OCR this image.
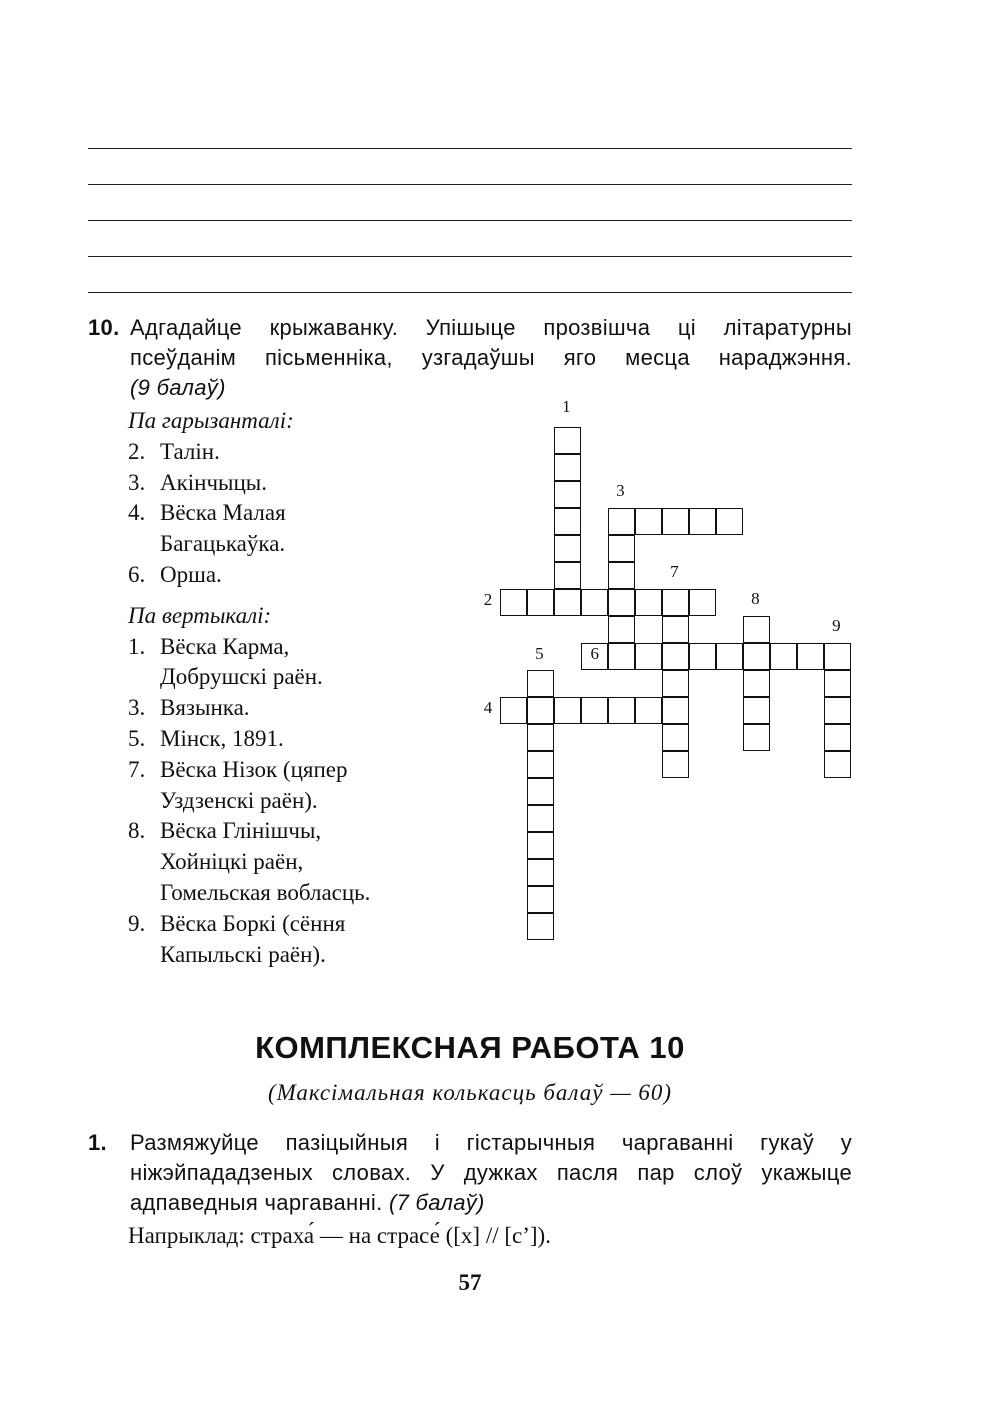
10. Адгадайце крыжаванку. Упішыце прозвішча ці літаратурны
псеўданім пісьменніка, узгадаўшы яго месца нараджэння.
(9 балаў)
Па гарызанталі:
2. Талін.
3. Акінчыцы.
4. Вёска Малая
Багацькаўка.
6. Орша.
Па вертыкалі:
1. Вёска Карма,
Добрушскі раён.
3. Вязынка.
5. Мінск, 1891.
7. Вёска Нізок (цяпер
Уздзенскі раён).
8. Вёска Глінішчы,
Хойніцкі раён,
Гомельская вобласць.
9. Вёска Боркі (сёння
Капыльскі раён).
1
2
3
4
5	6
7
8
9
КОМПЛЕКСНАЯ РАБОТА 10
(Максімальная колькасць балаў — 60)
1. Размяжуйце пазіцыйныя і гістарычныя чаргаванні гукаў у
ніжэйпададзеных словах. У дужках пасля пар слоў укажыце
адпаведныя чаргаванні. (7 балаў)
Напрыклад: страха́ — на страсе́ ([х] // [с’]).
57
